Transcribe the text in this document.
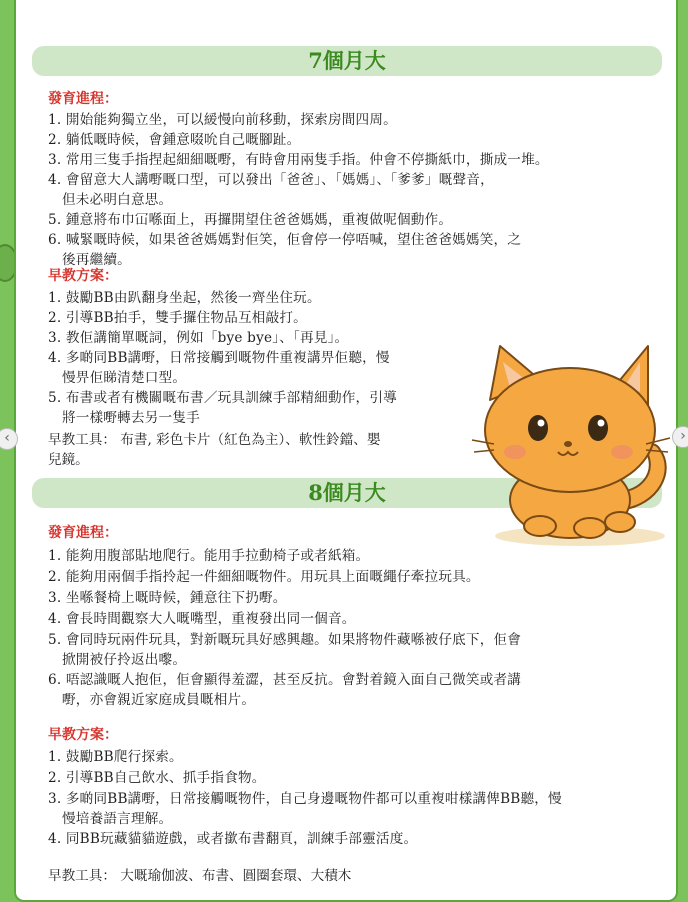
‹	›
7個月大
發育進程：
1. 開始能夠獨立坐，可以緩慢向前移動，探索房間四周。
2. 躺低嘅時候，會鍾意啜吮自己嘅腳趾。
3. 常用三隻手指捏起細細嘅嘢，有時會用兩隻手指。仲會不停撕紙巾，撕成一堆。
4. 會留意大人講嘢嘅口型，可以發出「爸爸」、「媽媽」、「爹爹」嘅聲音，
但未必明白意思。
5. 鍾意將布巾冚喺面上，再攞開望住爸爸媽媽，重複做呢個動作。
6. 喊緊嘅時候，如果爸爸媽媽對佢笑，佢會停一停唔喊，望住爸爸媽媽笑，之
後再繼續。
早教方案：
1. 鼓勵BB由趴翻身坐起，然後一齊坐住玩。
2. 引導BB拍手，雙手攞住物品互相敲打。
3. 教佢講簡單嘅詞，例如「bye bye」、「再見」。
4. 多啲同BB講嘢，日常接觸到嘅物件重複講畀佢聽，慢
慢畀佢睇清楚口型。
5. 布書或者有機關嘅布書／玩具訓練手部精細動作，引導
將一樣嘢轉去另一隻手
早教工具： 布書, 彩色卡片（紅色為主）、軟性鈴鐺、嬰
兒鏡。
8個月大
發育進程：
1. 能夠用腹部貼地爬行。能用手拉動椅子或者紙箱。
2. 能夠用兩個手指拎起一件細細嘅物件。用玩具上面嘅繩仔牽拉玩具。
3. 坐喺餐椅上嘅時候，鍾意往下扔嘢。
4. 會長時間觀察大人嘅嘴型，重複發出同一個音。
5. 會同時玩兩件玩具，對新嘅玩具好感興趣。如果將物件藏喺被仔底下，佢會
掀開被仔拎返出嚟。
6. 唔認識嘅人抱佢，佢會顯得羞澀，甚至反抗。會對着鏡入面自己微笑或者講
嘢，亦會親近家庭成員嘅相片。
早教方案：
1. 鼓勵BB爬行探索。
2. 引導BB自己飲水、抓手指食物。
3. 多啲同BB講嘢，日常接觸嘅物件，自己身邊嘅物件都可以重複咁樣講俾BB聽，慢
慢培養語言理解。
4. 同BB玩藏貓貓遊戲，或者撳布書翻頁，訓練手部靈活度。
早教工具： 大嘅瑜伽波、布書、圓圈套環、大積木
